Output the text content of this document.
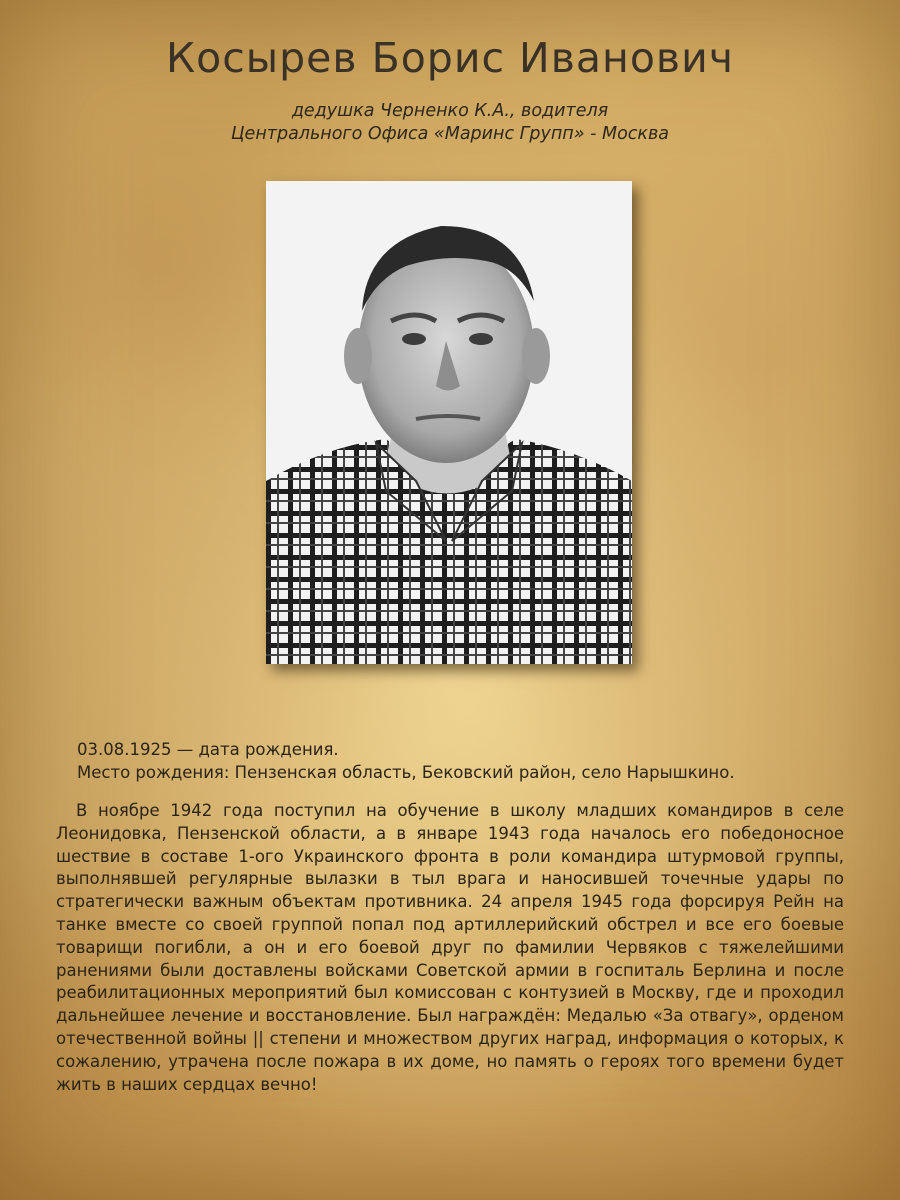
Косырев Борис Иванович
дедушка Черненко К.А., водителя
Центрального Офиса «Маринс Групп» - Москва
03.08.1925 — дата рождения.
Место рождения: Пензенская область, Бековский район, село Нарышкино.

В ноябре 1942 года поступил на обучение в школу младших командиров в селе Леонидовка, Пензенской области, а в январе 1943 года началось его победоносное шествие в составе 1-ого Украинского фронта в роли командира штурмовой группы, выполнявшей регулярные вылазки в тыл врага и наносившей точечные удары по стратегически важным объектам противника. 24 апреля 1945 года форсируя Рейн на танке вместе со своей группой попал под артиллерийский обстрел и все его боевые товарищи погибли, а он и его боевой друг по фамилии Червяков с тяжелейшими ранениями были доставлены войсками Советской армии в госпиталь Берлина и после реабилитационных мероприятий был комиссован с контузией в Москву, где и проходил дальнейшее лечение и восстановление. Был награждён: Медалью «За отвагу», орденом отечественной войны || степени и множеством других наград, информация о которых, к сожалению, утрачена после пожара в их доме, но память о героях того времени будет жить в наших сердцах вечно!
